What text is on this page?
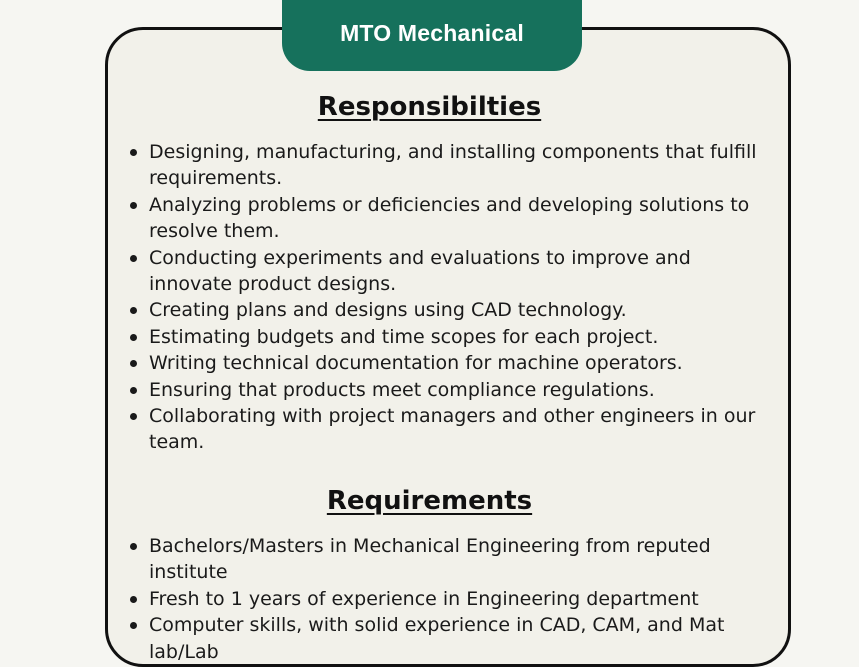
MTO Mechanical
Responsibilties
Designing, manufacturing, and installing components that fulfill requirements.
Analyzing problems or deficiencies and developing solutions to resolve them.
Conducting experiments and evaluations to improve and innovate product designs.
Creating plans and designs using CAD technology.
Estimating budgets and time scopes for each project.
Writing technical documentation for machine operators.
Ensuring that products meet compliance regulations.
Collaborating with project managers and other engineers in our team.
Requirements
Bachelors/Masters in Mechanical Engineering from reputed institute
Fresh to 1 years of experience in Engineering department
Computer skills, with solid experience in CAD, CAM, and Mat lab/Lab
